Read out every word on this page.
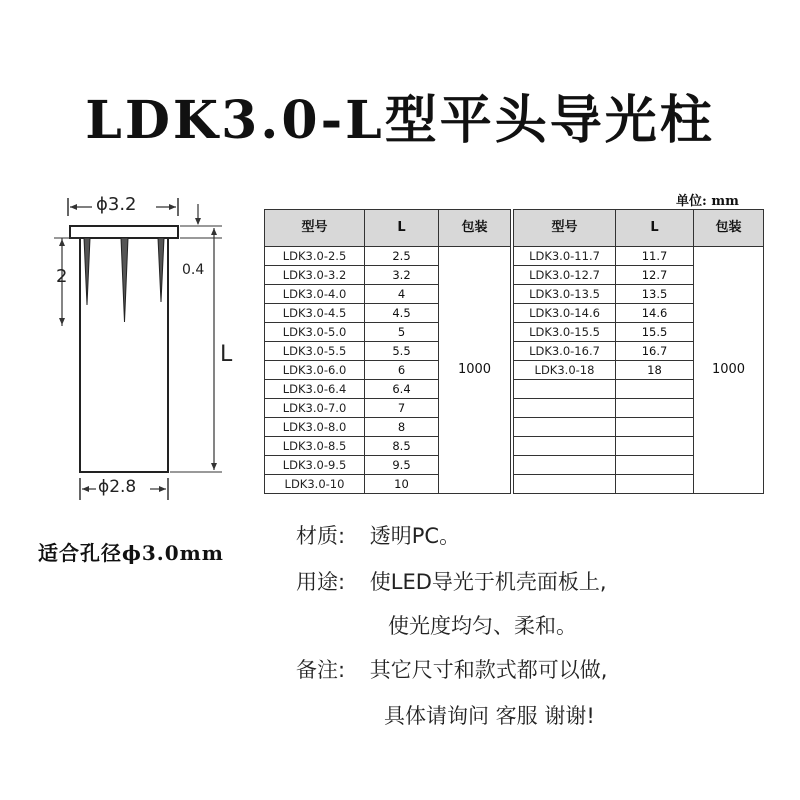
LDK3.0-L型平头导光柱
单位: mm
ϕ3.2
2	0.4
L
ϕ2.8
型号	L	包装
LDK3.0-2.5	2.5	1000
LDK3.0-3.2	3.2	
LDK3.0-4.0	4	
LDK3.0-4.5	4.5	
LDK3.0-5.0	5	
LDK3.0-5.5	5.5	
LDK3.0-6.0	6	
LDK3.0-6.4	6.4	
LDK3.0-7.0	7	
LDK3.0-8.0	8	
LDK3.0-8.5	8.5	
LDK3.0-9.5	9.5	
LDK3.0-10	10	
型号	L	包装
LDK3.0-11.7	11.7	1000
LDK3.0-12.7	12.7	
LDK3.0-13.5	13.5	
LDK3.0-14.6	14.6	
LDK3.0-15.5	15.5	
LDK3.0-16.7	16.7	
LDK3.0-18	18	

适合孔径ϕ3.0mm
材质: 透明PC。
用途: 使LED导光于机壳面板上,
使光度均匀、柔和。
备注: 其它尺寸和款式都可以做,
具体请询问 客服 谢谢!
